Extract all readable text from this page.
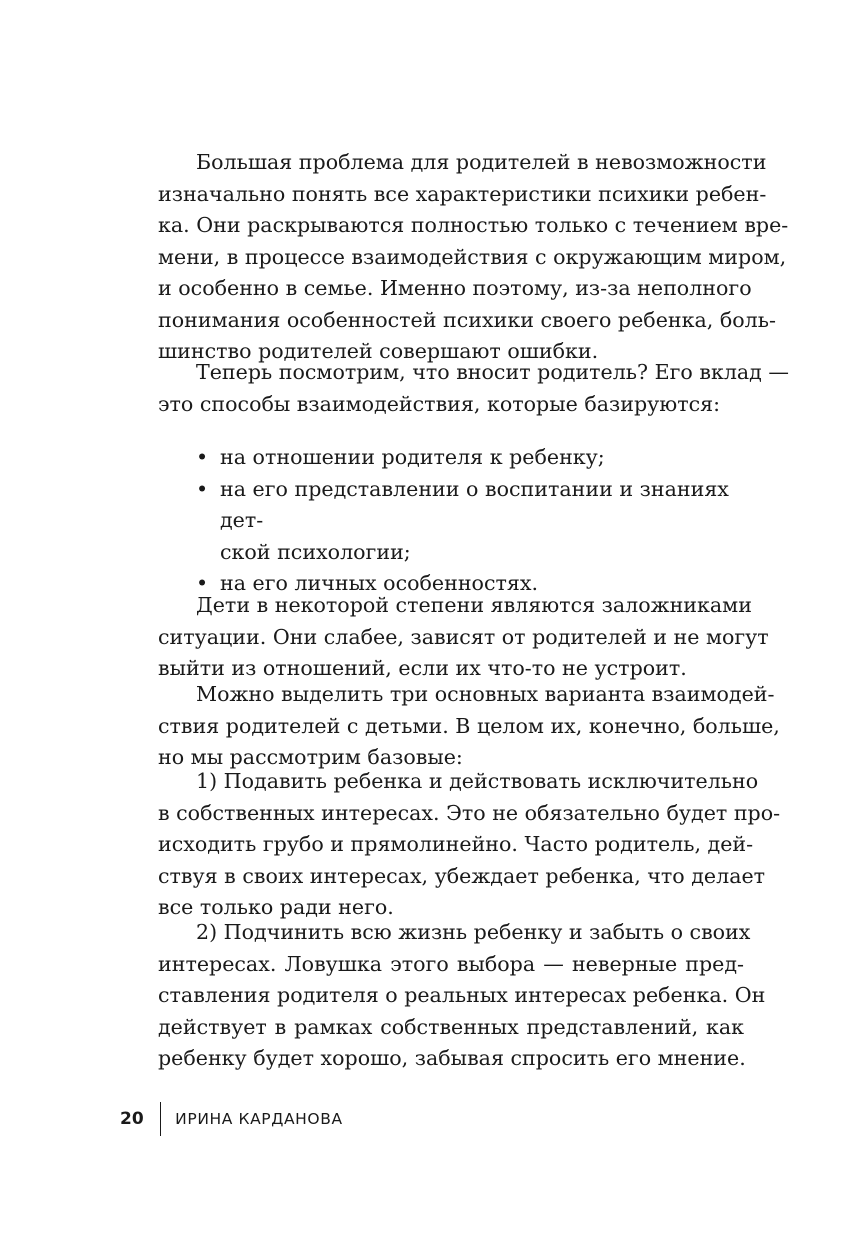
Большая проблема для родителей в невозможности
изначально понять все характеристики психики ребен-
ка. Они раскрываются полностью только с течением вре-
мени, в процессе взаимодействия с окружающим миром,
и особенно в семье. Именно поэтому, из-за неполного
понимания особенностей психики своего ребенка, боль-
шинство родителей совершают ошибки.
Теперь посмотрим, что вносит родитель? Его вклад —
это способы взаимодействия, которые базируются:
• на отношении родителя к ребенку;
• на его представлении о воспитании и знаниях дет-
ской психологии;
• на его личных особенностях.
Дети в некоторой степени являются заложниками
ситуации. Они слабее, зависят от родителей и не могут
выйти из отношений, если их что-то не устроит.
Можно выделить три основных варианта взаимодей-
ствия родителей с детьми. В целом их, конечно, больше,
но мы рассмотрим базовые:
1) Подавить ребенка и действовать исключительно
в собственных интересах. Это не обязательно будет про-
исходить грубо и прямолинейно. Часто родитель, дей-
ствуя в своих интересах, убеждает ребенка, что делает
все только ради него.
2) Подчинить всю жизнь ребенку и забыть о своих
интересах. Ловушка этого выбора — неверные пред-
ставления родителя о реальных интересах ребенка. Он
действует в рамках собственных представлений, как
ребенку будет хорошо, забывая спросить его мнение.
20 ИРИНА КАРДАНОВА
